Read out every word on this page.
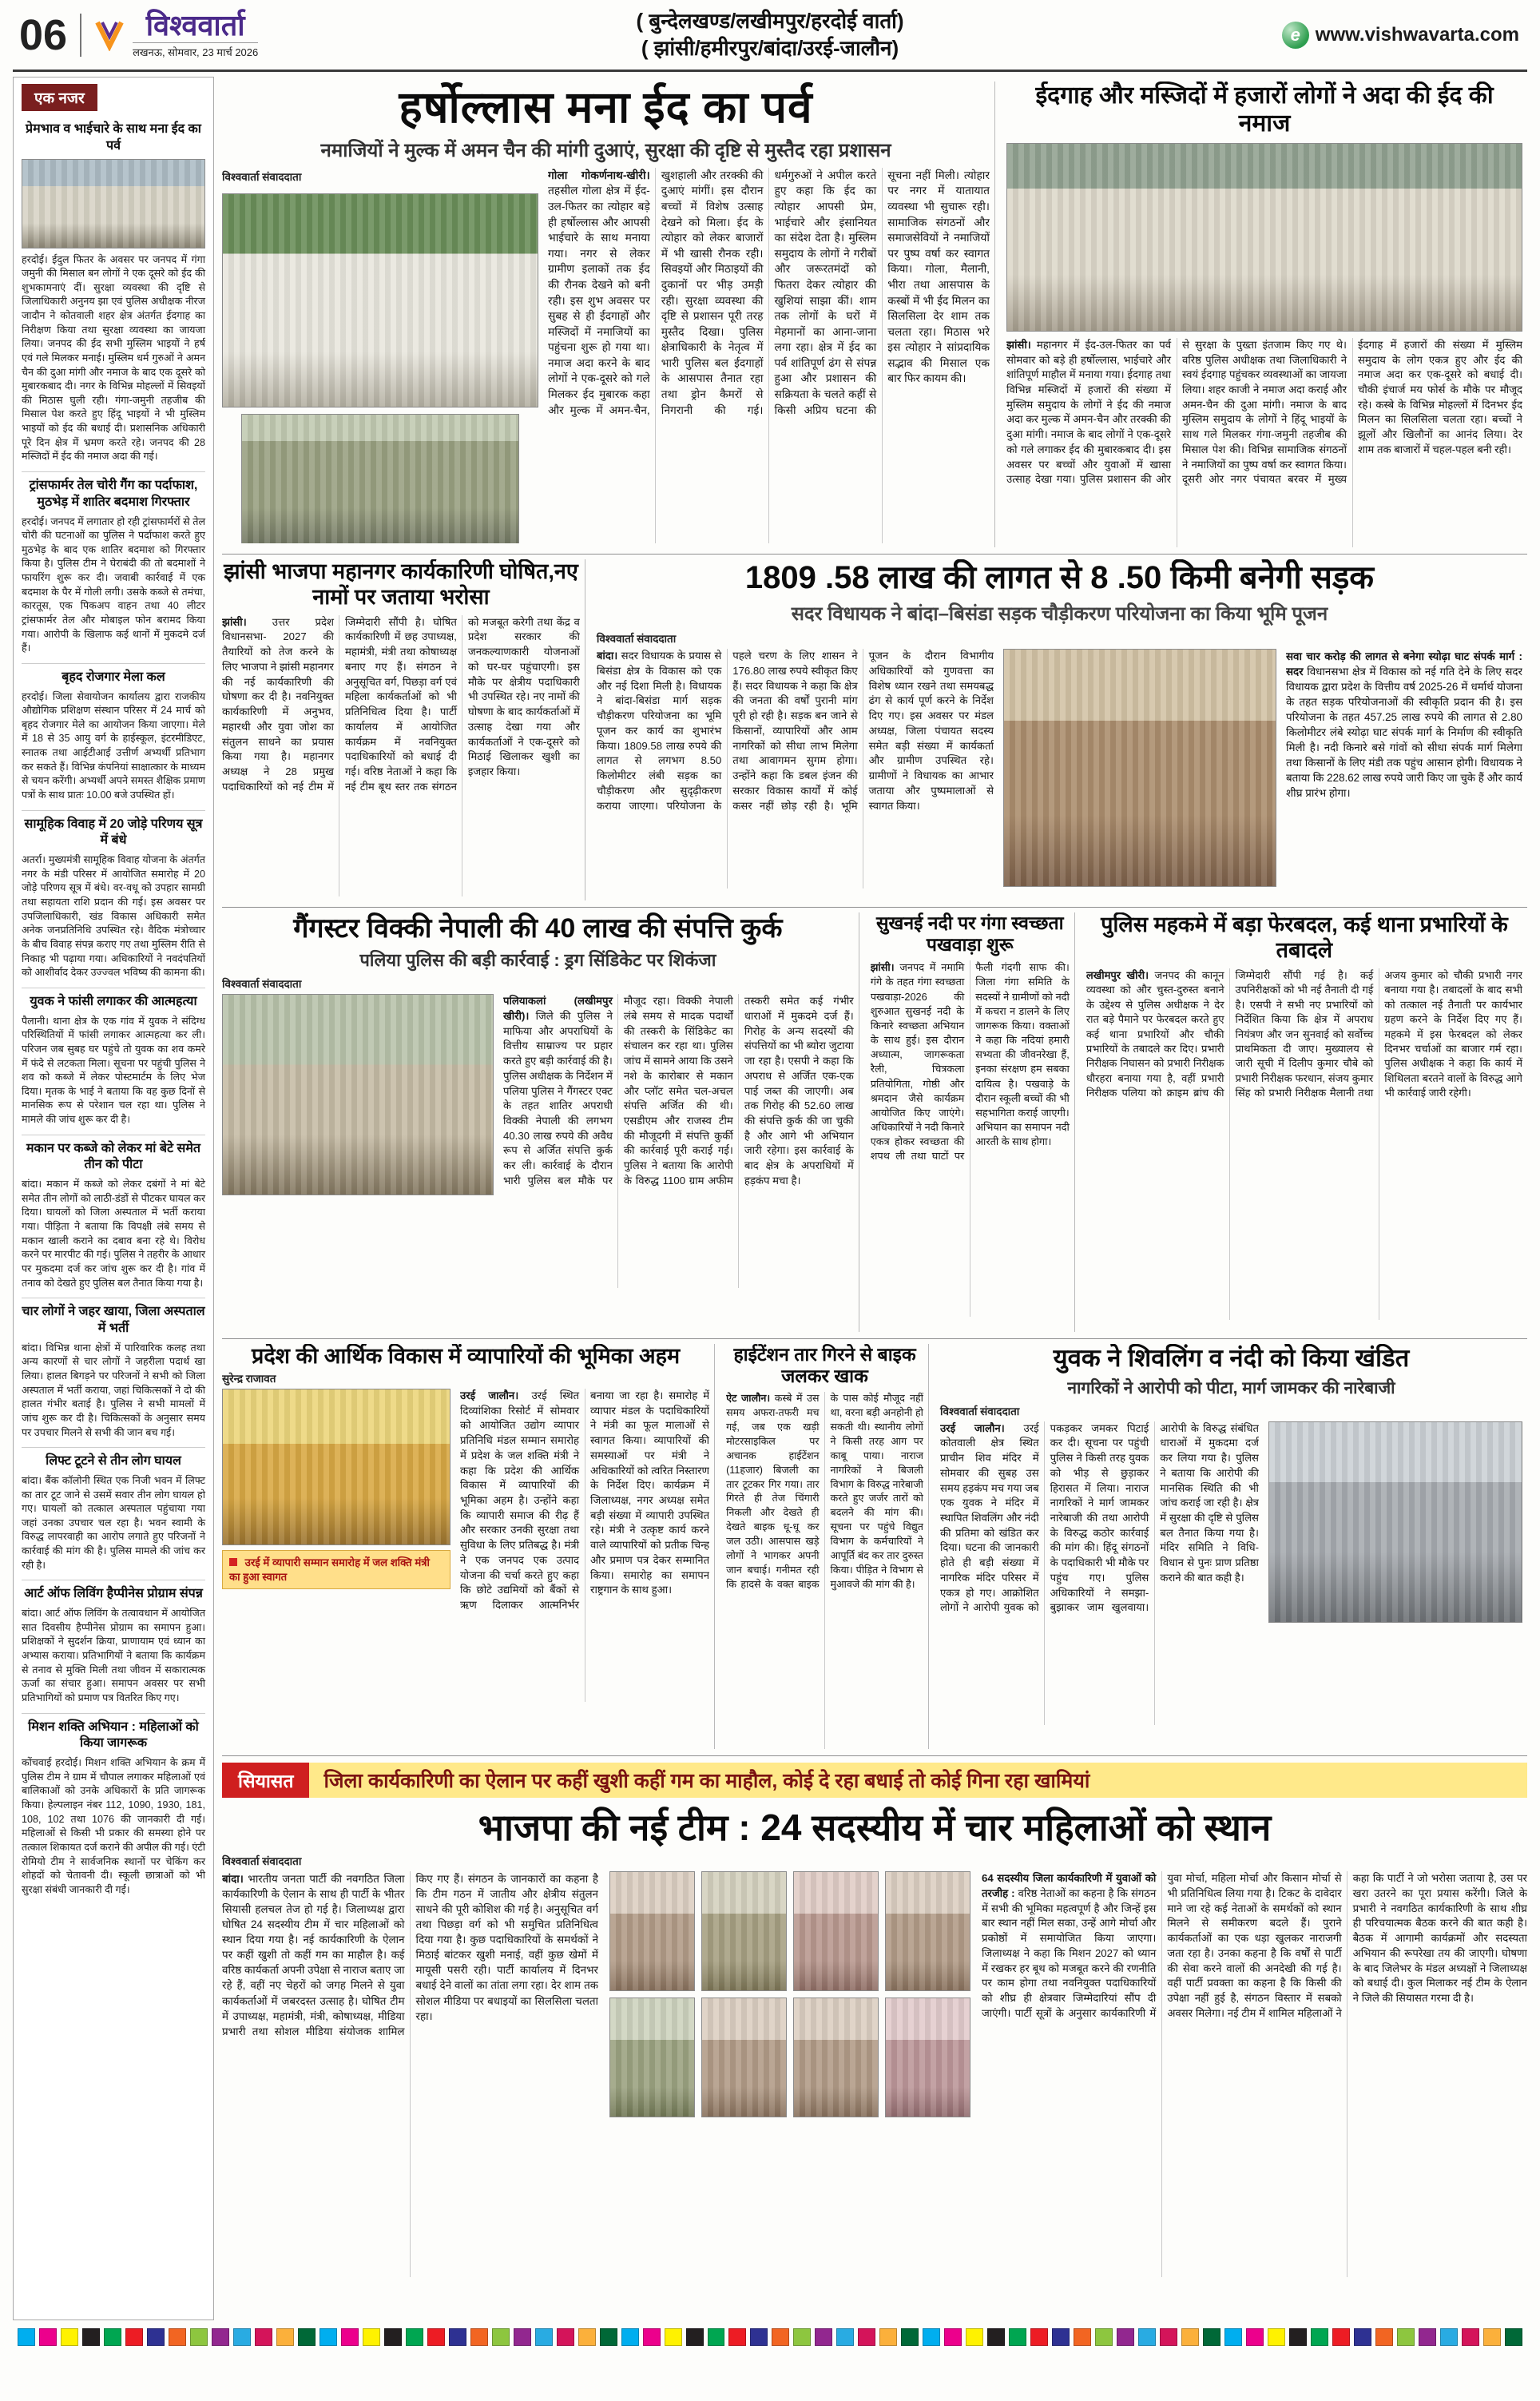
06	विश्ववार्ता
लखनऊ, सोमवार, 23 मार्च 2026
( बुन्देलखण्ड/लखीमपुर/हरदोई वार्ता)
( झांसी/हमीरपुर/बांदा/उरई-जालौन)
e www.vishwavarta.com
एक नजर
प्रेमभाव व भाईचारे के साथ मना ईद का पर्व
हरदोई। ईदुल फितर के अवसर पर जनपद में गंगा जमुनी की मिसाल बन लोगों ने एक दूसरे को ईद की शुभकामनाएं दीं। सुरक्षा व्यवस्था की दृष्टि से जिलाधिकारी अनुनय झा एवं पुलिस अधीक्षक नीरज जादौन ने कोतवाली शहर क्षेत्र अंतर्गत ईदगाह का निरीक्षण किया तथा सुरक्षा व्यवस्था का जायजा लिया। जनपद की ईद सभी मुस्लिम भाइयों ने हर्ष एवं गले मिलकर मनाई। मुस्लिम धर्म गुरुओं ने अमन चैन की दुआ मांगी और नमाज के बाद एक दूसरे को मुबारकबाद दी। नगर के विभिन्न मोहल्लों में सिवइयों की मिठास घुली रही। गंगा-जमुनी तहजीब की मिसाल पेश करते हुए हिंदू भाइयों ने भी मुस्लिम भाइयों को ईद की बधाई दी। प्रशासनिक अधिकारी पूरे दिन क्षेत्र में भ्रमण करते रहे। जनपद की 28 मस्जिदों में ईद की नमाज अदा की गई।
ट्रांसफार्मर तेल चोरी गैंग का पर्दाफाश, मुठभेड़ में शातिर बदमाश गिरफ्तार
हरदोई। जनपद में लगातार हो रही ट्रांसफार्मरों से तेल चोरी की घटनाओं का पुलिस ने पर्दाफाश करते हुए मुठभेड़ के बाद एक शातिर बदमाश को गिरफ्तार किया है। पुलिस टीम ने घेराबंदी की तो बदमाशों ने फायरिंग शुरू कर दी। जवाबी कार्रवाई में एक बदमाश के पैर में गोली लगी। उसके कब्जे से तमंचा, कारतूस, एक पिकअप वाहन तथा 40 लीटर ट्रांसफार्मर तेल और मोबाइल फोन बरामद किया गया। आरोपी के खिलाफ कई थानों में मुकदमे दर्ज हैं।
बृहद रोजगार मेला कल
हरदोई। जिला सेवायोजन कार्यालय द्वारा राजकीय औद्योगिक प्रशिक्षण संस्थान परिसर में 24 मार्च को बृहद रोजगार मेले का आयोजन किया जाएगा। मेले में 18 से 35 आयु वर्ग के हाईस्कूल, इंटरमीडिएट, स्नातक तथा आईटीआई उत्तीर्ण अभ्यर्थी प्रतिभाग कर सकते हैं। विभिन्न कंपनियां साक्षात्कार के माध्यम से चयन करेंगी। अभ्यर्थी अपने समस्त शैक्षिक प्रमाण पत्रों के साथ प्रातः 10.00 बजे उपस्थित हों।
सामूहिक विवाह में 20 जोड़े परिणय सूत्र में बंधे
अतर्रा। मुख्यमंत्री सामूहिक विवाह योजना के अंतर्गत नगर के मंडी परिसर में आयोजित समारोह में 20 जोड़े परिणय सूत्र में बंधे। वर-वधू को उपहार सामग्री तथा सहायता राशि प्रदान की गई। इस अवसर पर उपजिलाधिकारी, खंड विकास अधिकारी समेत अनेक जनप्रतिनिधि उपस्थित रहे। वैदिक मंत्रोच्चार के बीच विवाह संपन्न कराए गए तथा मुस्लिम रीति से निकाह भी पढ़ाया गया। अधिकारियों ने नवदंपतियों को आशीर्वाद देकर उज्ज्वल भविष्य की कामना की।
युवक ने फांसी लगाकर की आत्महत्या
पैलानी। थाना क्षेत्र के एक गांव में युवक ने संदिग्ध परिस्थितियों में फांसी लगाकर आत्महत्या कर ली। परिजन जब सुबह घर पहुंचे तो युवक का शव कमरे में फंदे से लटकता मिला। सूचना पर पहुंची पुलिस ने शव को कब्जे में लेकर पोस्टमार्टम के लिए भेज दिया। मृतक के भाई ने बताया कि वह कुछ दिनों से मानसिक रूप से परेशान चल रहा था। पुलिस ने मामले की जांच शुरू कर दी है।
मकान पर कब्जे को लेकर मां बेटे समेत तीन को पीटा
बांदा। मकान में कब्जे को लेकर दबंगों ने मां बेटे समेत तीन लोगों को लाठी-डंडों से पीटकर घायल कर दिया। घायलों को जिला अस्पताल में भर्ती कराया गया। पीड़िता ने बताया कि विपक्षी लंबे समय से मकान खाली कराने का दबाव बना रहे थे। विरोध करने पर मारपीट की गई। पुलिस ने तहरीर के आधार पर मुकदमा दर्ज कर जांच शुरू कर दी है। गांव में तनाव को देखते हुए पुलिस बल तैनात किया गया है।
चार लोगों ने जहर खाया, जिला अस्पताल में भर्ती
बांदा। विभिन्न थाना क्षेत्रों में पारिवारिक कलह तथा अन्य कारणों से चार लोगों ने जहरीला पदार्थ खा लिया। हालत बिगड़ने पर परिजनों ने सभी को जिला अस्पताल में भर्ती कराया, जहां चिकित्सकों ने दो की हालत गंभीर बताई है। पुलिस ने सभी मामलों में जांच शुरू कर दी है। चिकित्सकों के अनुसार समय पर उपचार मिलने से सभी की जान बच गई।
लिफ्ट टूटने से तीन लोग घायल
बांदा। बैंक कॉलोनी स्थित एक निजी भवन में लिफ्ट का तार टूट जाने से उसमें सवार तीन लोग घायल हो गए। घायलों को तत्काल अस्पताल पहुंचाया गया जहां उनका उपचार चल रहा है। भवन स्वामी के विरुद्ध लापरवाही का आरोप लगाते हुए परिजनों ने कार्रवाई की मांग की है। पुलिस मामले की जांच कर रही है।
आर्ट ऑफ लिविंग हैप्पीनेस प्रोग्राम संपन्न
बांदा। आर्ट ऑफ लिविंग के तत्वावधान में आयोजित सात दिवसीय हैप्पीनेस प्रोग्राम का समापन हुआ। प्रशिक्षकों ने सुदर्शन क्रिया, प्राणायाम एवं ध्यान का अभ्यास कराया। प्रतिभागियों ने बताया कि कार्यक्रम से तनाव से मुक्ति मिली तथा जीवन में सकारात्मक ऊर्जा का संचार हुआ। समापन अवसर पर सभी प्रतिभागियों को प्रमाण पत्र वितरित किए गए।
मिशन शक्ति अभियान : महिलाओं को किया जागरूक
कोंचवाई हरदोई। मिशन शक्ति अभियान के क्रम में पुलिस टीम ने ग्राम में चौपाल लगाकर महिलाओं एवं बालिकाओं को उनके अधिकारों के प्रति जागरूक किया। हेल्पलाइन नंबर 112, 1090, 1930, 181, 108, 102 तथा 1076 की जानकारी दी गई। महिलाओं से किसी भी प्रकार की समस्या होने पर तत्काल शिकायत दर्ज कराने की अपील की गई। एंटी रोमियो टीम ने सार्वजनिक स्थानों पर चेकिंग कर शोहदों को चेतावनी दी। स्कूली छात्राओं को भी सुरक्षा संबंधी जानकारी दी गई।
हर्षोल्लास मना ईद का पर्व
नमाजियों ने मुल्क में अमन चैन की मांगी दुआएं, सुरक्षा की दृष्टि से मुस्तैद रहा प्रशासन
विश्ववार्ता संवाददाता	गोला गोकर्णनाथ-खीरी। तहसील गोला क्षेत्र में ईद-उल-फितर का त्योहार बड़े ही हर्षोल्लास और आपसी भाईचारे के साथ मनाया गया। नगर से लेकर ग्रामीण इलाकों तक ईद की रौनक देखने को बनी रही। इस शुभ अवसर पर सुबह से ही ईदगाहों और मस्जिदों में नमाजियों का पहुंचना शुरू हो गया था। नमाज अदा करने के बाद लोगों ने एक-दूसरे को गले मिलकर ईद मुबारक कहा और मुल्क में अमन-चैन, खुशहाली और तरक्की की दुआएं मांगीं। इस दौरान बच्चों में विशेष उत्साह देखने को मिला। ईद के त्योहार को लेकर बाजारों में भी खासी रौनक रही। सिवइयों और मिठाइयों की दुकानों पर भीड़ उमड़ी रही। सुरक्षा व्यवस्था की दृष्टि से प्रशासन पूरी तरह मुस्तैद दिखा। पुलिस क्षेत्राधिकारी के नेतृत्व में भारी पुलिस बल ईदगाहों के आसपास तैनात रहा तथा ड्रोन कैमरों से निगरानी की गई। धर्मगुरुओं ने अपील करते हुए कहा कि ईद का त्योहार आपसी प्रेम, भाईचारे और इंसानियत का संदेश देता है। मुस्लिम समुदाय के लोगों ने गरीबों और जरूरतमंदों को फितरा देकर त्योहार की खुशियां साझा कीं। शाम तक लोगों के घरों में मेहमानों का आना-जाना लगा रहा। क्षेत्र में ईद का पर्व शांतिपूर्ण ढंग से संपन्न हुआ और प्रशासन की सक्रियता के चलते कहीं से किसी अप्रिय घटना की सूचना नहीं मिली। त्योहार पर नगर में यातायात व्यवस्था भी सुचारू रही। सामाजिक संगठनों और समाजसेवियों ने नमाजियों पर पुष्प वर्षा कर स्वागत किया। गोला, मैलानी, भीरा तथा आसपास के कस्बों में भी ईद मिलन का सिलसिला देर शाम तक चलता रहा। मिठास भरे इस त्योहार ने सांप्रदायिक सद्भाव की मिसाल एक बार फिर कायम की।
ईदगाह और मस्जिदों में हजारों लोगों ने अदा की ईद की नमाज
झांसी। महानगर में ईद-उल-फितर का पर्व सोमवार को बड़े ही हर्षोल्लास, भाईचारे और शांतिपूर्ण माहौल में मनाया गया। ईदगाह तथा विभिन्न मस्जिदों में हजारों की संख्या में मुस्लिम समुदाय के लोगों ने ईद की नमाज अदा कर मुल्क में अमन-चैन और तरक्की की दुआ मांगी। नमाज के बाद लोगों ने एक-दूसरे को गले लगाकर ईद की मुबारकबाद दी। इस अवसर पर बच्चों और युवाओं में खासा उत्साह देखा गया। पुलिस प्रशासन की ओर से सुरक्षा के पुख्ता इंतजाम किए गए थे। वरिष्ठ पुलिस अधीक्षक तथा जिलाधिकारी ने स्वयं ईदगाह पहुंचकर व्यवस्थाओं का जायजा लिया। शहर काजी ने नमाज अदा कराई और अमन-चैन की दुआ मांगी। नमाज के बाद मुस्लिम समुदाय के लोगों ने हिंदू भाइयों के साथ गले मिलकर गंगा-जमुनी तहजीब की मिसाल पेश की। विभिन्न सामाजिक संगठनों ने नमाजियों का पुष्प वर्षा कर स्वागत किया। दूसरी ओर नगर पंचायत बरवर में मुख्य ईदगाह में हजारों की संख्या में मुस्लिम समुदाय के लोग एकत्र हुए और ईद की नमाज अदा कर एक-दूसरे को बधाई दी। चौकी इंचार्ज मय फोर्स के मौके पर मौजूद रहे। कस्बे के विभिन्न मोहल्लों में दिनभर ईद मिलन का सिलसिला चलता रहा। बच्चों ने झूलों और खिलौनों का आनंद लिया। देर शाम तक बाजारों में चहल-पहल बनी रही।
झांसी भाजपा महानगर कार्यकारिणी घोषित,नए नामों पर जताया भरोसा
झांसी। उत्तर प्रदेश विधानसभा- 2027 की तैयारियों को तेज करने के लिए भाजपा ने झांसी महानगर की नई कार्यकारिणी की घोषणा कर दी है। नवनियुक्त कार्यकारिणी में अनुभव, महारथी और युवा जोश का संतुलन साधने का प्रयास किया गया है। महानगर अध्यक्ष ने 28 प्रमुख पदाधिकारियों को नई टीम में जिम्मेदारी सौंपी है। घोषित कार्यकारिणी में छह उपाध्यक्ष, महामंत्री, मंत्री तथा कोषाध्यक्ष बनाए गए हैं। संगठन ने अनुसूचित वर्ग, पिछड़ा वर्ग एवं महिला कार्यकर्ताओं को भी प्रतिनिधित्व दिया है। पार्टी कार्यालय में आयोजित कार्यक्रम में नवनियुक्त पदाधिकारियों को बधाई दी गई। वरिष्ठ नेताओं ने कहा कि नई टीम बूथ स्तर तक संगठन को मजबूत करेगी तथा केंद्र व प्रदेश सरकार की जनकल्याणकारी योजनाओं को घर-घर पहुंचाएगी। इस मौके पर क्षेत्रीय पदाधिकारी भी उपस्थित रहे। नए नामों की घोषणा के बाद कार्यकर्ताओं में उत्साह देखा गया और कार्यकर्ताओं ने एक-दूसरे को मिठाई खिलाकर खुशी का इजहार किया।
1809 .58 लाख की लागत से 8 .50 किमी बनेगी सड़क
सदर विधायक ने बांदा–बिसंडा सड़क चौड़ीकरण परियोजना का किया भूमि पूजन
विश्ववार्ता संवाददाता
बांदा। सदर विधायक के प्रयास से बिसंडा क्षेत्र के विकास को एक और नई दिशा मिली है। विधायक ने बांदा-बिसंडा मार्ग सड़क चौड़ीकरण परियोजना का भूमि पूजन कर कार्य का शुभारंभ किया। 1809.58 लाख रुपये की लागत से लगभग 8.50 किलोमीटर लंबी सड़क का चौड़ीकरण और सुदृढ़ीकरण कराया जाएगा। परियोजना के पहले चरण के लिए शासन ने 176.80 लाख रुपये स्वीकृत किए हैं। सदर विधायक ने कहा कि क्षेत्र की जनता की वर्षों पुरानी मांग पूरी हो रही है। सड़क बन जाने से किसानों, व्यापारियों और आम नागरिकों को सीधा लाभ मिलेगा तथा आवागमन सुगम होगा। उन्होंने कहा कि डबल इंजन की सरकार विकास कार्यों में कोई कसर नहीं छोड़ रही है। भूमि पूजन के दौरान विभागीय अधिकारियों को गुणवत्ता का विशेष ध्यान रखने तथा समयबद्ध ढंग से कार्य पूर्ण करने के निर्देश दिए गए। इस अवसर पर मंडल अध्यक्ष, जिला पंचायत सदस्य समेत बड़ी संख्या में कार्यकर्ता और ग्रामीण उपस्थित रहे। ग्रामीणों ने विधायक का आभार जताया और पुष्पमालाओं से स्वागत किया।
सवा चार करोड़ की लागत से बनेगा स्योढ़ा घाट संपर्क मार्ग : सदर विधानसभा क्षेत्र में विकास को नई गति देने के लिए सदर विधायक द्वारा प्रदेश के वित्तीय वर्ष 2025-26 में धर्मार्थ योजना के तहत सड़क परियोजनाओं की स्वीकृति प्रदान की है। इस परियोजना के तहत 457.25 लाख रुपये की लागत से 2.80 किलोमीटर लंबे स्योढ़ा घाट संपर्क मार्ग के निर्माण की स्वीकृति मिली है। नदी किनारे बसे गांवों को सीधा संपर्क मार्ग मिलेगा तथा किसानों के लिए मंडी तक पहुंच आसान होगी। विधायक ने बताया कि 228.62 लाख रुपये जारी किए जा चुके हैं और कार्य शीघ्र प्रारंभ होगा।
गैंगस्टर विक्की नेपाली की 40 लाख की संपत्ति कुर्क
पलिया पुलिस की बड़ी कार्रवाई : ड्रग सिंडिकेट पर शिकंजा
विश्ववार्ता संवाददाता
पलियाकलां (लखीमपुर खीरी)। जिले की पुलिस ने माफिया और अपराधियों के वित्तीय साम्राज्य पर प्रहार करते हुए बड़ी कार्रवाई की है। पुलिस अधीक्षक के निर्देशन में पलिया पुलिस ने गैंगस्टर एक्ट के तहत शातिर अपराधी विक्की नेपाली की लगभग 40.30 लाख रुपये की अवैध रूप से अर्जित संपत्ति कुर्क कर ली। कार्रवाई के दौरान भारी पुलिस बल मौके पर मौजूद रहा। विक्की नेपाली लंबे समय से मादक पदार्थों की तस्करी के सिंडिकेट का संचालन कर रहा था। पुलिस जांच में सामने आया कि उसने नशे के कारोबार से मकान और प्लॉट समेत चल-अचल संपत्ति अर्जित की थी। एसडीएम और राजस्व टीम की मौजूदगी में संपत्ति कुर्की की कार्रवाई पूरी कराई गई। पुलिस ने बताया कि आरोपी के विरुद्ध 1100 ग्राम अफीम तस्करी समेत कई गंभीर धाराओं में मुकदमे दर्ज हैं। गिरोह के अन्य सदस्यों की संपत्तियों का भी ब्योरा जुटाया जा रहा है। एसपी ने कहा कि अपराध से अर्जित एक-एक पाई जब्त की जाएगी। अब तक गिरोह की 52.60 लाख की संपत्ति कुर्क की जा चुकी है और आगे भी अभियान जारी रहेगा। इस कार्रवाई के बाद क्षेत्र के अपराधियों में हड़कंप मचा है।
सुखनई नदी पर गंगा स्वच्छता पखवाड़ा शुरू
झांसी। जनपद में नमामि गंगे के तहत गंगा स्वच्छता पखवाड़ा-2026 की शुरुआत सुखनई नदी के किनारे स्वच्छता अभियान के साथ हुई। इस दौरान अध्यात्म, जागरूकता रैली, चित्रकला प्रतियोगिता, गोष्ठी और श्रमदान जैसे कार्यक्रम आयोजित किए जाएंगे। अधिकारियों ने नदी किनारे एकत्र होकर स्वच्छता की शपथ ली तथा घाटों पर फैली गंदगी साफ की। जिला गंगा समिति के सदस्यों ने ग्रामीणों को नदी में कचरा न डालने के लिए जागरूक किया। वक्ताओं ने कहा कि नदियां हमारी सभ्यता की जीवनरेखा हैं, इनका संरक्षण हम सबका दायित्व है। पखवाड़े के दौरान स्कूली बच्चों की भी सहभागिता कराई जाएगी। अभियान का समापन नदी आरती के साथ होगा।
पुलिस महकमे में बड़ा फेरबदल, कई थाना प्रभारियों के तबादले
लखीमपुर खीरी। जनपद की कानून व्यवस्था को और चुस्त-दुरुस्त बनाने के उद्देश्य से पुलिस अधीक्षक ने देर रात बड़े पैमाने पर फेरबदल करते हुए कई थाना प्रभारियों और चौकी प्रभारियों के तबादले कर दिए। प्रभारी निरीक्षक निघासन को प्रभारी निरीक्षक धौरहरा बनाया गया है, वहीं प्रभारी निरीक्षक पलिया को क्राइम ब्रांच की जिम्मेदारी सौंपी गई है। कई उपनिरीक्षकों को भी नई तैनाती दी गई है। एसपी ने सभी नए प्रभारियों को निर्देशित किया कि क्षेत्र में अपराध नियंत्रण और जन सुनवाई को सर्वोच्च प्राथमिकता दी जाए। मुख्यालय से जारी सूची में दिलीप कुमार चौबे को प्रभारी निरीक्षक फरधान, संजय कुमार सिंह को प्रभारी निरीक्षक मैलानी तथा अजय कुमार को चौकी प्रभारी नगर बनाया गया है। तबादलों के बाद सभी को तत्काल नई तैनाती पर कार्यभार ग्रहण करने के निर्देश दिए गए हैं। महकमे में इस फेरबदल को लेकर दिनभर चर्चाओं का बाजार गर्म रहा। पुलिस अधीक्षक ने कहा कि कार्य में शिथिलता बरतने वालों के विरुद्ध आगे भी कार्रवाई जारी रहेगी।
प्रदेश की आर्थिक विकास में व्यापारियों की भूमिका अहम
सुरेन्द्र राजावत
उरई में व्यापारी सम्मान समारोह में जल शक्ति मंत्री का हुआ स्वागत
उरई जालौन। उरई स्थित दिव्यांशिका रिसोर्ट में सोमवार को आयोजित उद्योग व्यापार प्रतिनिधि मंडल सम्मान समारोह में प्रदेश के जल शक्ति मंत्री ने कहा कि प्रदेश की आर्थिक विकास में व्यापारियों की भूमिका अहम है। उन्होंने कहा कि व्यापारी समाज की रीढ़ हैं और सरकार उनकी सुरक्षा तथा सुविधा के लिए प्रतिबद्ध है। मंत्री ने एक जनपद एक उत्पाद योजना की चर्चा करते हुए कहा कि छोटे उद्यमियों को बैंकों से ऋण दिलाकर आत्मनिर्भर बनाया जा रहा है। समारोह में व्यापार मंडल के पदाधिकारियों ने मंत्री का फूल मालाओं से स्वागत किया। व्यापारियों की समस्याओं पर मंत्री ने अधिकारियों को त्वरित निस्तारण के निर्देश दिए। कार्यक्रम में जिलाध्यक्ष, नगर अध्यक्ष समेत बड़ी संख्या में व्यापारी उपस्थित रहे। मंत्री ने उत्कृष्ट कार्य करने वाले व्यापारियों को प्रतीक चिन्ह और प्रमाण पत्र देकर सम्मानित किया। समारोह का समापन राष्ट्रगान के साथ हुआ।
हाईटेंशन तार गिरने से बाइक जलकर खाक
ऐट जालौन। कस्बे में उस समय अफरा-तफरी मच गई, जब एक खड़ी मोटरसाइकिल पर अचानक हाईटेंशन (11हजार) बिजली का तार टूटकर गिर गया। तार गिरते ही तेज चिंगारी निकली और देखते ही देखते बाइक धू-धू कर जल उठी। आसपास खड़े लोगों ने भागकर अपनी जान बचाई। गनीमत रही कि हादसे के वक्त बाइक के पास कोई मौजूद नहीं था, वरना बड़ी अनहोनी हो सकती थी। स्थानीय लोगों ने किसी तरह आग पर काबू पाया। नाराज नागरिकों ने बिजली विभाग के विरुद्ध नारेबाजी करते हुए जर्जर तारों को बदलने की मांग की। सूचना पर पहुंचे विद्युत विभाग के कर्मचारियों ने आपूर्ति बंद कर तार दुरुस्त किया। पीड़ित ने विभाग से मुआवजे की मांग की है।
युवक ने शिवलिंग व नंदी को किया खंडित
नागरिकों ने आरोपी को पीटा, मार्ग जामकर की नारेबाजी
विश्ववार्ता संवाददाता
उरई जालौन। उरई कोतवाली क्षेत्र स्थित प्राचीन शिव मंदिर में सोमवार की सुबह उस समय हड़कंप मच गया जब एक युवक ने मंदिर में स्थापित शिवलिंग और नंदी की प्रतिमा को खंडित कर दिया। घटना की जानकारी होते ही बड़ी संख्या में नागरिक मंदिर परिसर में एकत्र हो गए। आक्रोशित लोगों ने आरोपी युवक को पकड़कर जमकर पिटाई कर दी। सूचना पर पहुंची पुलिस ने किसी तरह युवक को भीड़ से छुड़ाकर हिरासत में लिया। नाराज नागरिकों ने मार्ग जामकर नारेबाजी की तथा आरोपी के विरुद्ध कठोर कार्रवाई की मांग की। हिंदू संगठनों के पदाधिकारी भी मौके पर पहुंच गए। पुलिस अधिकारियों ने समझा-बुझाकर जाम खुलवाया। आरोपी के विरुद्ध संबंधित धाराओं में मुकदमा दर्ज कर लिया गया है। पुलिस ने बताया कि आरोपी की मानसिक स्थिति की भी जांच कराई जा रही है। क्षेत्र में सुरक्षा की दृष्टि से पुलिस बल तैनात किया गया है। मंदिर समिति ने विधि-विधान से पुनः प्राण प्रतिष्ठा कराने की बात कही है।
सियासत	जिला कार्यकारिणी का ऐलान पर कहीं खुशी कहीं गम का माहौल, कोई दे रहा बधाई तो कोई गिना रहा खामियां
भाजपा की नई टीम : 24 सदस्यीय में चार महिलाओं को स्थान
विश्ववार्ता संवाददाता
बांदा। भारतीय जनता पार्टी की नवगठित जिला कार्यकारिणी के ऐलान के साथ ही पार्टी के भीतर सियासी हलचल तेज हो गई है। जिलाध्यक्ष द्वारा घोषित 24 सदस्यीय टीम में चार महिलाओं को स्थान दिया गया है। नई कार्यकारिणी के ऐलान पर कहीं खुशी तो कहीं गम का माहौल है। कई वरिष्ठ कार्यकर्ता अपनी उपेक्षा से नाराज बताए जा रहे हैं, वहीं नए चेहरों को जगह मिलने से युवा कार्यकर्ताओं में जबरदस्त उत्साह है। घोषित टीम में उपाध्यक्ष, महामंत्री, मंत्री, कोषाध्यक्ष, मीडिया प्रभारी तथा सोशल मीडिया संयोजक शामिल किए गए हैं। संगठन के जानकारों का कहना है कि टीम गठन में जातीय और क्षेत्रीय संतुलन साधने की पूरी कोशिश की गई है। अनुसूचित वर्ग तथा पिछड़ा वर्ग को भी समुचित प्रतिनिधित्व दिया गया है। कुछ पदाधिकारियों के समर्थकों ने मिठाई बांटकर खुशी मनाई, वहीं कुछ खेमों में मायूसी पसरी रही। पार्टी कार्यालय में दिनभर बधाई देने वालों का तांता लगा रहा। देर शाम तक सोशल मीडिया पर बधाइयों का सिलसिला चलता रहा।
64 सदस्यीय जिला कार्यकारिणी में युवाओं को तरजीह : वरिष्ठ नेताओं का कहना है कि संगठन में सभी की भूमिका महत्वपूर्ण है और जिन्हें इस बार स्थान नहीं मिल सका, उन्हें आगे मोर्चा और प्रकोष्ठों में समायोजित किया जाएगा। जिलाध्यक्ष ने कहा कि मिशन 2027 को ध्यान में रखकर हर बूथ को मजबूत करने की रणनीति पर काम होगा तथा नवनियुक्त पदाधिकारियों को शीघ्र ही क्षेत्रवार जिम्मेदारियां सौंप दी जाएंगी। पार्टी सूत्रों के अनुसार कार्यकारिणी में युवा मोर्चा, महिला मोर्चा और किसान मोर्चा से भी प्रतिनिधित्व लिया गया है। टिकट के दावेदार माने जा रहे कई नेताओं के समर्थकों को स्थान मिलने से समीकरण बदले हैं। पुराने कार्यकर्ताओं का एक धड़ा खुलकर नाराजगी जता रहा है। उनका कहना है कि वर्षों से पार्टी की सेवा करने वालों की अनदेखी की गई है। वहीं पार्टी प्रवक्ता का कहना है कि किसी की उपेक्षा नहीं हुई है, संगठन विस्तार में सबको अवसर मिलेगा। नई टीम में शामिल महिलाओं ने कहा कि पार्टी ने जो भरोसा जताया है, उस पर खरा उतरने का पूरा प्रयास करेंगी। जिले के प्रभारी ने नवगठित कार्यकारिणी के साथ शीघ्र ही परिचयात्मक बैठक करने की बात कही है। बैठक में आगामी कार्यक्रमों और सदस्यता अभियान की रूपरेखा तय की जाएगी। घोषणा के बाद जिलेभर के मंडल अध्यक्षों ने जिलाध्यक्ष को बधाई दी। कुल मिलाकर नई टीम के ऐलान ने जिले की सियासत गरमा दी है।
